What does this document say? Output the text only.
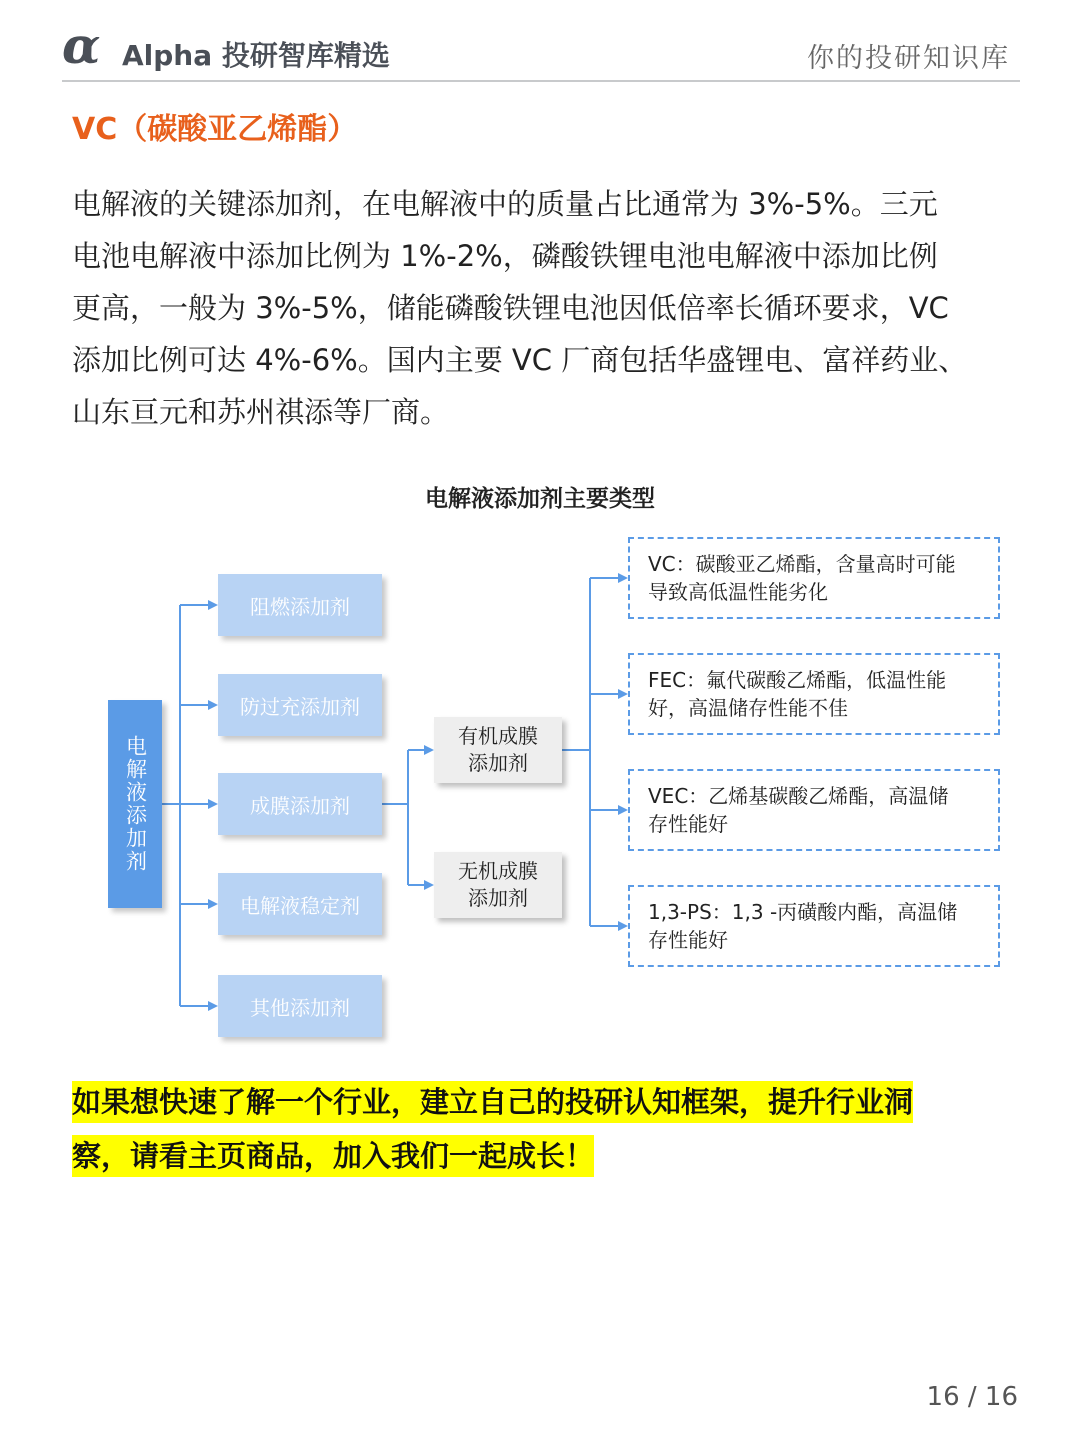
α Alpha 投研智库精选	你的投研知识库
VC（碳酸亚乙烯酯）
电解液的关键添加剂，在电解液中的质量占比通常为 3%-5%。三元
电池电解液中添加比例为 1%-2%，磷酸铁锂电池电解液中添加比例
更高，一般为 3%-5%，储能磷酸铁锂电池因低倍率长循环要求，VC
添加比例可达 4%-6%。国内主要 VC 厂商包括华盛锂电、富祥药业、
山东亘元和苏州祺添等厂商。
电解液添加剂主要类型
电解液添加剂
阻燃添加剂
防过充添加剂
成膜添加剂
电解液稳定剂
其他添加剂
有机成膜
添加剂
无机成膜
添加剂
VC：碳酸亚乙烯酯，含量高时可能
导致高低温性能劣化
FEC：氟代碳酸乙烯酯，低温性能
好，高温储存性能不佳
VEC：乙烯基碳酸乙烯酯，高温储
存性能好
1,3-PS：1,3 -丙磺酸内酯，高温储
存性能好
如果想快速了解一个行业，建立自己的投研认知框架，提升行业洞
察，请看主页商品，加入我们一起成长！
16 / 16
